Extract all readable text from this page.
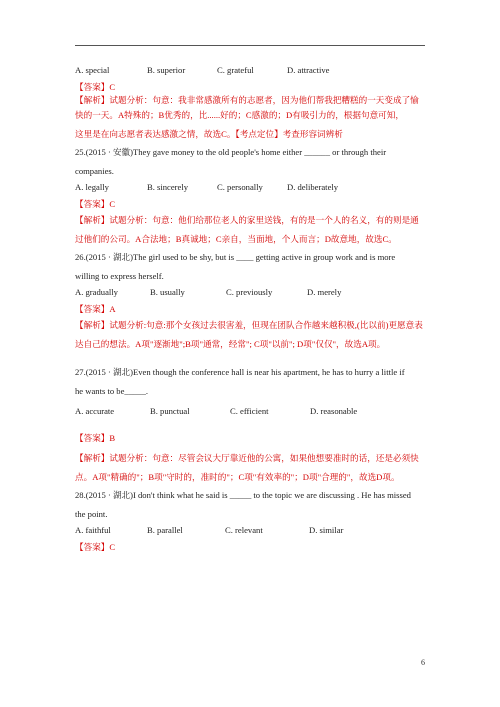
A. special	B. superior	C. grateful	D. attractive
【答案】C
【解析】试题分析：句意：我非常感激所有的志愿者，因为他们帮我把糟糕的一天变成了愉
快的一天。A特殊的；B优秀的，比......好的；C感激的；D有吸引力的，根据句意可知，
这里是在向志愿者表达感激之情，故选C。【考点定位】考查形容词辨析
25.(2015 · 安徽)They gave money to the old people's home either ______ or through their
companies.
A. legally	B. sincerely	C. personally	D. deliberately
【答案】C
【解析】试题分析：句意：他们给那位老人的家里送钱，有的是一个人的名义，有的则是通
过他们的公司。A合法地；B真诚地；C亲自，当面地，个人而言；D故意地，故选C。
26.(2015 · 湖北)The girl used to be shy, but is ____ getting active in group work and is more
willing to express herself.
A. gradually	B. usually	C. previously	D. merely
【答案】A
【解析】试题分析:句意:那个女孩过去很害羞，但现在团队合作越来越积极,(比以前)更愿意表
达自己的想法。A项"逐渐地";B项"通常，经常"; C项"以前"; D项"仅仅"，故选A项。
27.(2015 · 湖北)Even though the conference hall is near his apartment, he has to hurry a little if
he wants to be_____.
A. accurate	B. punctual	C. efficient	D. reasonable
【答案】B
【解析】试题分析：句意：尽管会议大厅靠近他的公寓，如果他想要准时的话，还是必须快
点。A项"精确的"；B项"守时的，准时的"；C项"有效率的"；D项"合理的"，故选D项。
28.(2015 · 湖北)I don't think what he said is _____ to the topic we are discussing . He has missed
the point.
A. faithful	B. parallel	C. relevant	D. similar
【答案】C
6
